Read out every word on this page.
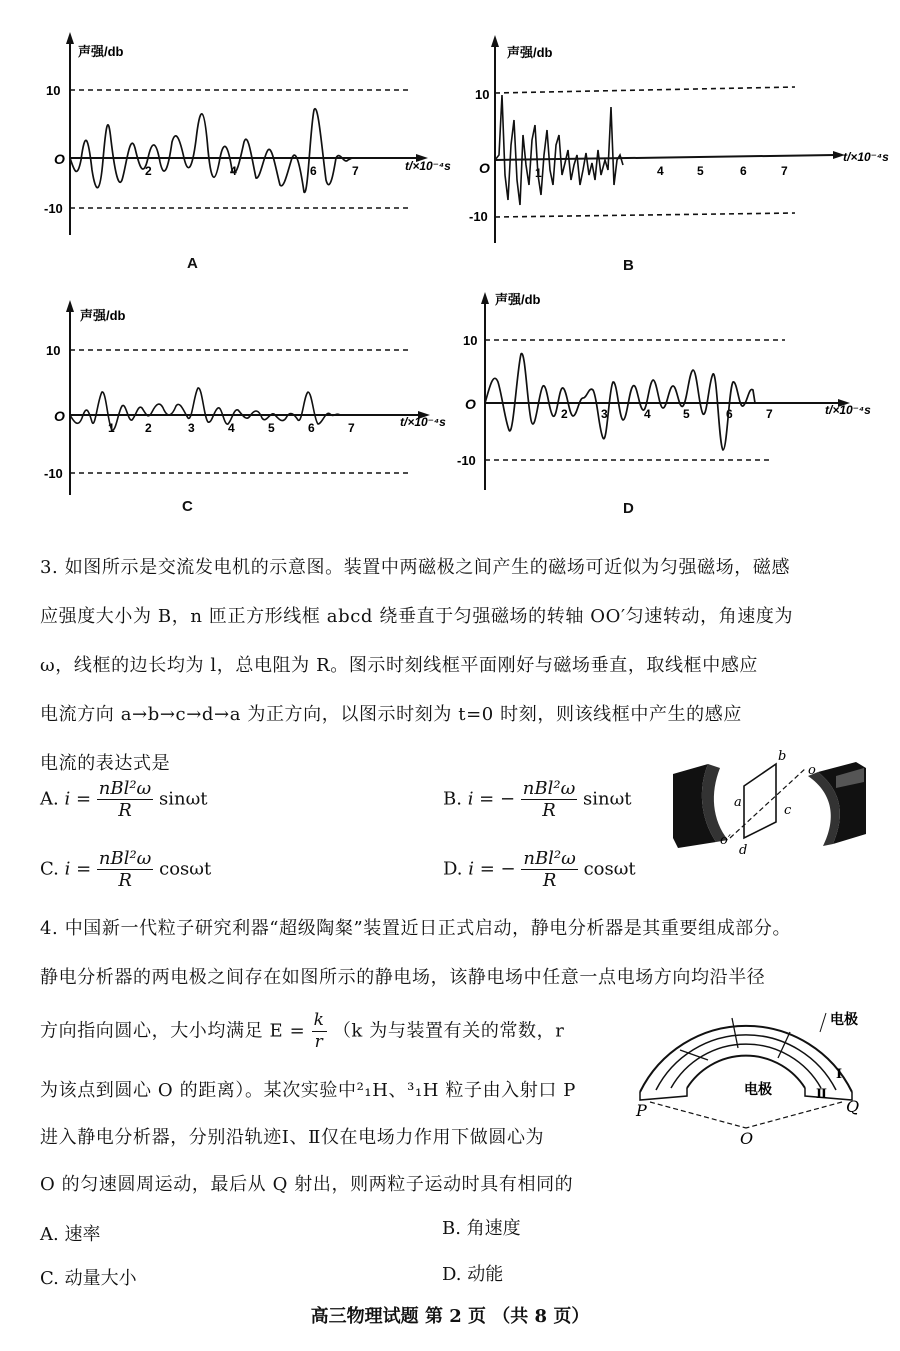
声强/db
10
-10
O	t/×10⁻⁴s
2	4	6	7
A
声强/db
10
-10
O
t/×10⁻⁴s
1	4	5	6	7
B
声强/db
10
-10
O	t/×10⁻⁴s
1	2	3	4	5	6	7
C
声强/db
10
-10
O	t/×10⁻⁴s
2	3	4	5	6	7
D
3. 如图所示是交流发电机的示意图。装置中两磁极之间产生的磁场可近似为匀强磁场，磁感
应强度大小为 B，n 匝正方形线框 abcd 绕垂直于匀强磁场的转轴 OO′匀速转动，角速度为
ω，线框的边长均为 l，总电阻为 R。图示时刻线框平面刚好与磁场垂直，取线框中感应
电流方向 a→b→c→d→a 为正方向，以图示时刻为 t=0 时刻，则该线框中产生的感应
电流的表达式是
A. $i = \frac{\text{nBl²ω}}{R}$ sinωt	B. i = − $\frac{\text{nBl²ω}}{R}$ sinωt
C. $i = \frac{\text{nBl²ω}}{R}$ cosωt	D. i = − $\frac{\text{nBl²ω}}{R}$ cosωt
a
b
c
d
o
o′
4. 中国新一代粒子研究利器“超级陶粲”装置近日正式启动，静电分析器是其重要组成部分。
静电分析器的两电极之间存在如图所示的静电场，该静电场中任意一点电场方向均沿半径
方向指向圆心，大小均满足 $E = \frac{k}{r} (k$ 为与装置有关的常数，r
为该点到圆心 O 的距离）。某次实验中²₁H、³₁H 粒子由入射口 P
进入静电分析器，分别沿轨迹Ⅰ、Ⅱ仅在电场力作用下做圆心为
O 的匀速圆周运动，最后从 Q 射出，则两粒子运动时具有相同的
电极
电极	Ⅱ
Ⅰ
P	Q
O
A. 速率	B. 角速度
C. 动量大小	D. 动能
高三物理试题 第 2 页 （共 8 页）
